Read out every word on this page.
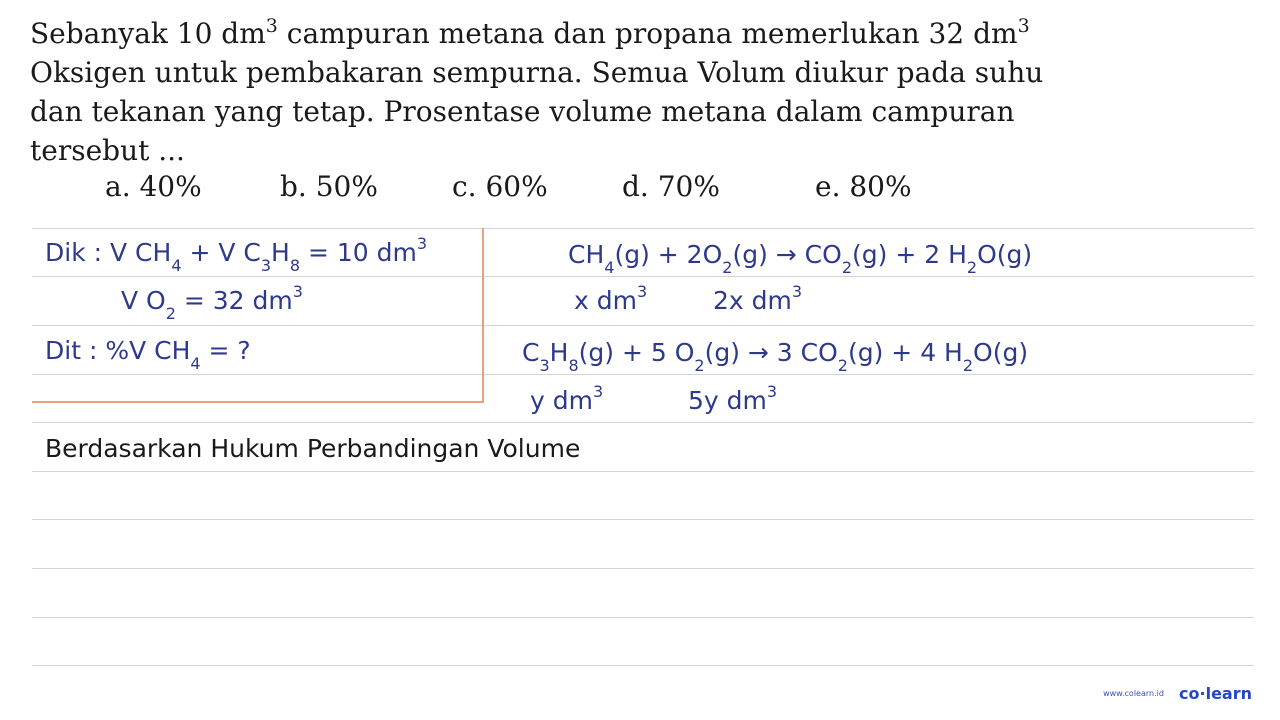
Sebanyak 10 $dm^3$ campuran metana dan propana memerlukan 32 $dm^3$

Oksigen untuk pembakaran sempurna. Semua Volum diukur pada suhu

dan tekanan yang tetap. Prosentase volume metana dalam campuran

tersebut ...

a. 40%	b. 50%	c. 60%	d. 70%	e. 80%
Dik : V $CH_4 + V$ $C_3H_8 = 10$ $dm^3$
V $O_2 = 32$ $dm^3$
Dit : %V $CH_4$ = ?
$CH_4(g) + 2O_2(g) \to CO_2(g) + 2$ $H_2O(g)$
x $dm^3$	2x $dm^3$
$C_3H_8(g) + 5$ $O_2(g) \to 3$ $CO_2(g) + 4$ $H_2O(g)$
y $dm^3$	5y $dm^3$
Berdasarkan Hukum Perbandingan Volume
www.colearn.id co·learn
